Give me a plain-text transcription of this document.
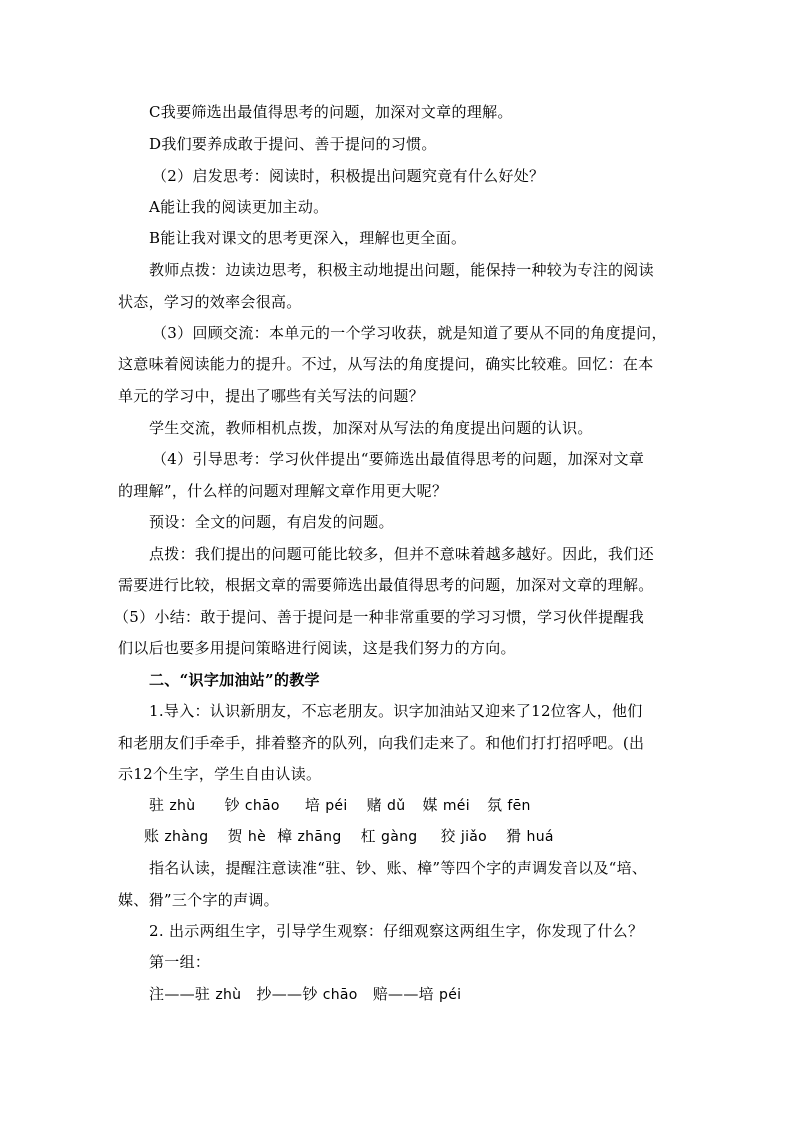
C我要筛选出最值得思考的问题，加深对文章的理解。
D我们要养成敢于提问、善于提问的习惯。
（2）启发思考：阅读时，积极提出问题究竟有什么好处？
A能让我的阅读更加主动。
B能让我对课文的思考更深入，理解也更全面。
教师点拨：边读边思考，积极主动地提出问题，能保持一种较为专注的阅读
状态，学习的效率会很高。
（3）回顾交流：本单元的一个学习收获，就是知道了要从不同的角度提问，
这意味着阅读能力的提升。不过，从写法的角度提问，确实比较难。回忆：在本
单元的学习中，提出了哪些有关写法的问题？
学生交流，教师相机点拨，加深对从写法的角度提出问题的认识。
（4）引导思考：学习伙伴提出“要筛选出最值得思考的问题，加深对文章
的理解”，什么样的问题对理解文章作用更大呢？
预设：全文的问题，有启发的问题。
点拨：我们提出的问题可能比较多，但并不意味着越多越好。因此，我们还
需要进行比较，根据文章的需要筛选出最值得思考的问题，加深对文章的理解。
（5）小结：敢于提问、善于提问是一种非常重要的学习习惯，学习伙伴提醒我
们以后也要多用提问策略进行阅读，这是我们努力的方向。
二、“识字加油站”的教学
1.导入：认识新朋友，不忘老朋友。识字加油站又迎来了12位客人，他们
和老朋友们手牵手，排着整齐的队列，向我们走来了。和他们打打招呼吧。(出
示12个生字，学生自由认读。
驻 zhù 钞 chāo 培 péi 赌 dǔ 媒 méi 氛 fēn
账 zhàng 贺 hè 樟 zhāng 杠 gàng 狡 jiǎo 猾 huá
指名认读，提醒注意读准“驻、钞、账、樟”等四个字的声调发音以及“培、
媒、猾”三个字的声调。
2. 出示两组生字，引导学生观察：仔细观察这两组生字，你发现了什么？
第一组：
注——驻 zhù 抄——钞 chāo 赔——培 péi
